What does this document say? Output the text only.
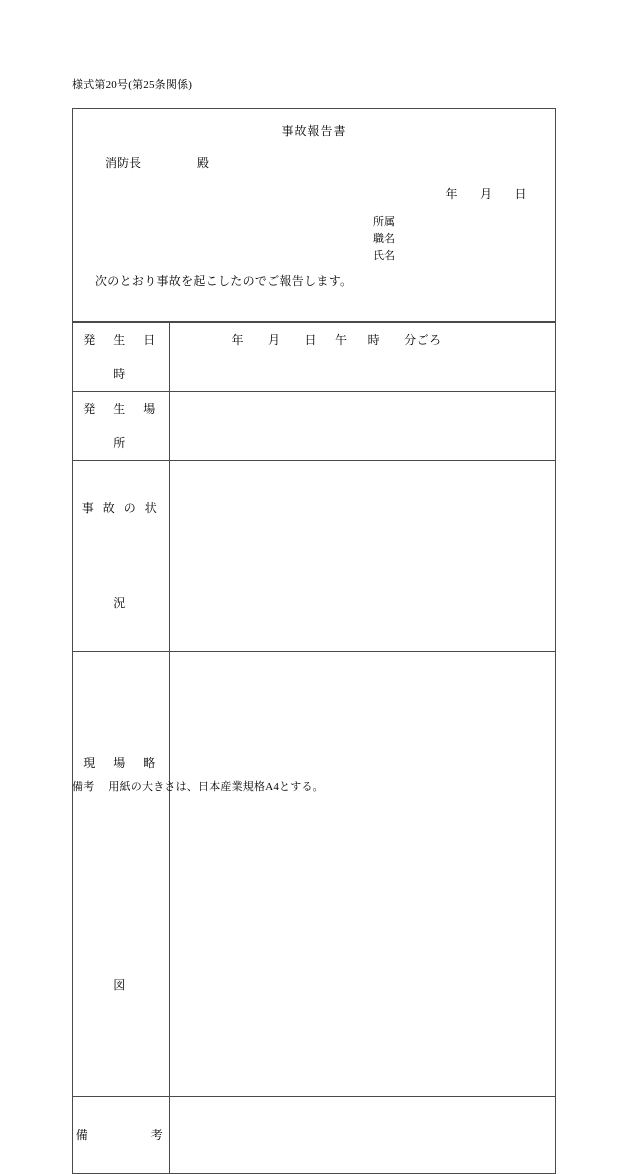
様式第20号(第25条関係)
事故報告書
消防長	殿
年 月 日
所属
職名
氏名
次のとおり事故を起こしたのでご報告します。
発　生　日　時	年 月 日 午 時 分ごろ

発　生　場　所	

事 故 の 状 況	

現　場　略　図	

備　　　　考	

備考 用紙の大きさは、日本産業規格A4とする。
